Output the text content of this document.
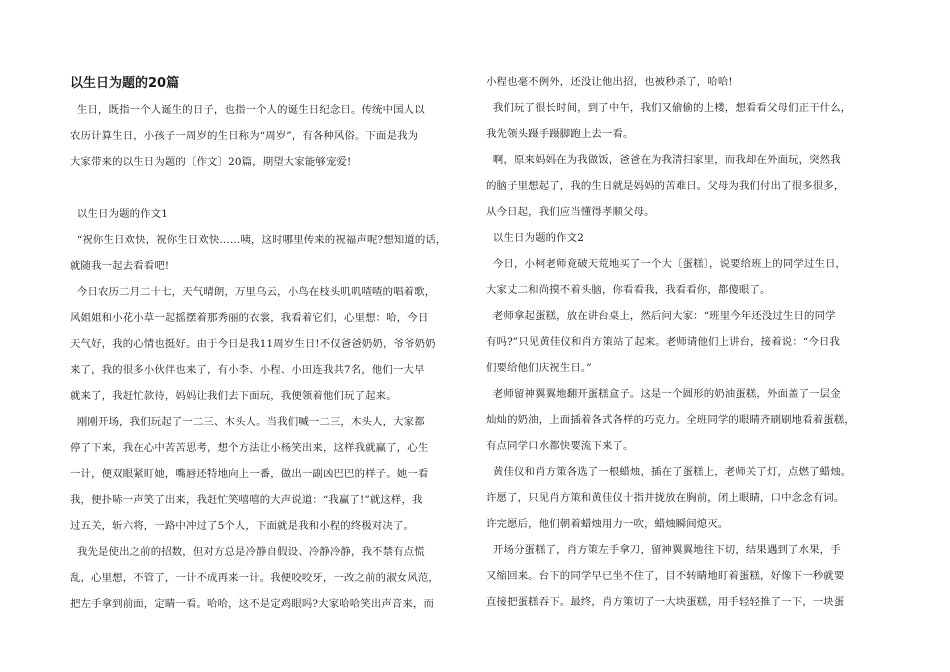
以生日为题的20篇
生日，既指一个人诞生的日子，也指一个人的诞生日纪念日。传统中国人以
农历计算生日，小孩子一周岁的生日称为“周岁”，有各种风俗。下面是我为
大家带来的以生日为题的〔作文〕20篇，期望大家能够宠爱!
以生日为题的作文1
“祝你生日欢快，祝你生日欢快……咦，这时哪里传来的祝福声呢?想知道的话，
就随我一起去看看吧!
今日农历二月二十七，天气晴朗，万里乌云，小鸟在枝头叽叽喳喳的唱着歌，
风姐姐和小花小草一起摇摆着那秀丽的衣裳，我看着它们，心里想：哈，今日
天气好，我的心情也挺好。由于今日是我11周岁生日!不仅爸爸奶奶，爷爷奶奶
来了，我的很多小伙伴也来了，有小李、小程、小田连我共7名，他们一大早
就来了，我赶忙款待，妈妈让我们去下面玩，我便领着他们玩了起来。
刚刚开场，我们玩起了一二三、木头人。当我们喊一二三，木头人，大家都
停了下来，我在心中苦苦思考，想个方法让小杨笑出来，这样我就赢了，心生
一计，便双眼紧盯她，嘴唇还特地向上一番，做出一副凶巴巴的样子。她一看
我，便扑哧一声笑了出来，我赶忙笑嘻嘻的大声说道：“我赢了!”就这样，我
过五关，斩六将，一路中冲过了5个人，下面就是我和小程的终极对决了。
我先是使出之前的招数，但对方总是冷静自假设、冷静冷静，我不禁有点慌
乱，心里想，不管了，一计不成再来一计。我便咬咬牙，一改之前的淑女风范，
把左手拿到前面，定睛一看。哈哈，这不是定鸡眼吗?大家哈哈笑出声音来，而
小程也毫不例外，还没让他出招，也被秒杀了，哈哈!
我们玩了很长时间，到了中午，我们又偷偷的上楼，想看看父母们正干什么，
我先领头蹑手蹑脚跑上去一看。
啊，原来妈妈在为我做饭，爸爸在为我清扫家里，而我却在外面玩，突然我
的脑子里想起了，我的生日就是妈妈的苦难日。父母为我们付出了很多很多，
从今日起，我们应当懂得孝顺父母。
以生日为题的作文2
今日，小柯老师竟破天荒地买了一个大〔蛋糕〕，说要给班上的同学过生日，
大家丈二和尚摸不着头脑，你看看我，我看看你，都傻眼了。
老师拿起蛋糕，放在讲台桌上，然后问大家：“班里今年还没过生日的同学
有吗?”只见黄佳仪和肖方策站了起来。老师请他们上讲台，接着说：“今日我
们要给他们庆祝生日。”
老师留神翼翼地翻开蛋糕盒子。这是一个圆形的奶油蛋糕，外面盖了一层金
灿灿的奶油，上面插着各式各样的巧克力。全班同学的眼睛齐刷刷地看着蛋糕，
有点同学口水都快要流下来了。
黄佳仪和肖方策各选了一根蜡烛，插在了蛋糕上，老师关了灯，点燃了蜡烛。
许愿了，只见肖方策和黄佳仪十指并拢放在胸前，闭上眼睛，口中念念有词。
许完愿后，他们朝着蜡烛用力一吹，蜡烛瞬间熄灭。
开场分蛋糕了，肖方策左手拿刀，留神翼翼地往下切，结果遇到了水果，手
又缩回来。台下的同学早已坐不住了，目不转睛地盯着蛋糕，好像下一秒就要
直接把蛋糕吞下。最终，肖方策切了一大块蛋糕，用手轻轻推了一下，一块蛋
